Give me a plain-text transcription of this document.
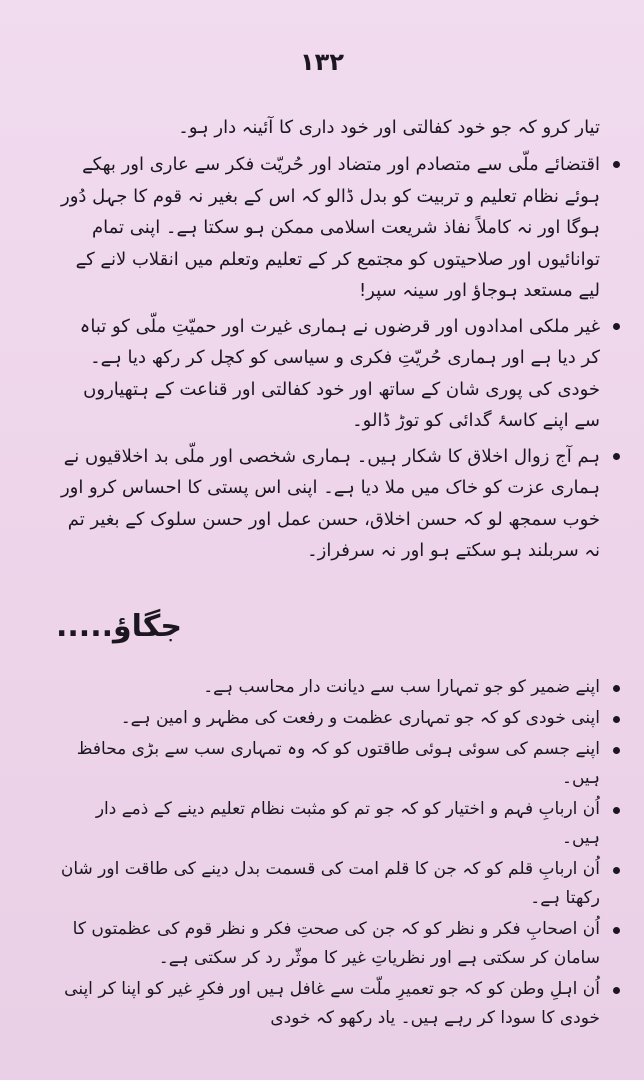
۱۳۲

تیار کرو کہ جو خود کفالتی اور خود داری کا آئینہ دار ہو۔

اقتضائے ملّی سے متصادم اور متضاد اور حُریّت فکر سے عاری اور بھکے ہوئے نظام تعلیم و تربیت کو بدل ڈالو کہ اس کے بغیر نہ قوم کا جہل دُور ہوگا اور نہ کاملاً نفاذ شریعت اسلامی ممکن ہو سکتا ہے۔ اپنی تمام توانائیوں اور صلاحیتوں کو مجتمع کر کے تعلیم وتعلم میں انقلاب لانے کے لیے مستعد ہوجاؤ اور سینہ سپر!
غیر ملکی امدادوں اور قرضوں نے ہماری غیرت اور حمیّتِ ملّی کو تباہ کر دیا ہے اور ہماری حُریّتِ فکری و سیاسی کو کچل کر رکھ دیا ہے۔ خودی کی پوری شان کے ساتھ اور خود کفالتی اور قناعت کے ہتھیاروں سے اپنے کاسۂ گدائی کو توڑ ڈالو۔
ہم آج زوال اخلاق کا شکار ہیں۔ ہماری شخصی اور ملّی بد اخلاقیوں نے ہماری عزت کو خاک میں ملا دیا ہے۔ اپنی اس پستی کا احساس کرو اور خوب سمجھ لو کہ حسن اخلاق، حسن عمل اور حسن سلوک کے بغیر تم نہ سربلند ہو سکتے ہو اور نہ سرفراز۔
جگاؤ.....
اپنے ضمیر کو جو تمہارا سب سے دیانت دار محاسب ہے۔
اپنی خودی کو کہ جو تمہاری عظمت و رفعت کی مظہر و امین ہے۔
اپنے جسم کی سوئی ہوئی طاقتوں کو کہ وہ تمہاری سب سے بڑی محافظ ہیں۔
اُن اربابِ فہم و اختیار کو کہ جو تم کو مثبت نظام تعلیم دینے کے ذمے دار ہیں۔
اُن اربابِ قلم کو کہ جن کا قلم امت کی قسمت بدل دینے کی طاقت اور شان رکھتا ہے۔
اُن اصحابِ فکر و نظر کو کہ جن کی صحتِ فکر و نظر قوم کی عظمتوں کا سامان کر سکتی ہے اور نظریاتِ غیر کا موثّر رد کر سکتی ہے۔
اُن اہلِ وطن کو کہ جو تعمیرِ ملّت سے غافل ہیں اور فکرِ غیر کو اپنا کر اپنی خودی کا سودا کر رہے ہیں۔ یاد رکھو کہ خودی
